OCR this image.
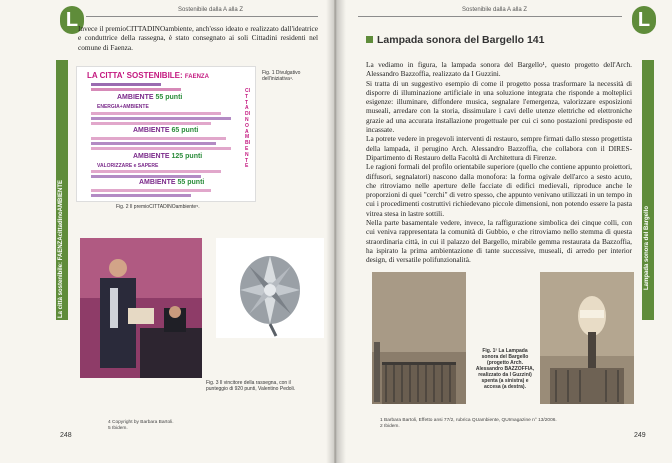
L	Sostenibile dalla A alla Z
La città sostenibile: FAENZAcittadinoAMBIENTE
Invece il premioCITTADINOambiente, anch'esso ideato e realizzato dall'ideatrice e conduttrice della rassegna, è stato consegnato ai soli Cittadini residenti nel comune di Faenza.
LA CITTA' SOSTENIBILE: FAENZA
AMBIENTE 55 punti
ENERGIA+AMBIENTE
AMBIENTE 65 punti
AMBIENTE 125 punti
VALORIZZARE e SAPERE
AMBIENTE 55 punti
CITTADINOAMBIENTE
Fig. 1 Divulgativo dell'iniziativa⁴.
Fig. 2 Il premioCITTADINOambiente⁵.
Fig. 3 Il vincitore della rassegna, con il punteggio di 920 punti, Valentino Pedoli.
4 Copyright by Barbara Bartoli.
5 Ibidem.
248
Sostenibile dalla A alla Z	L
Lampada sonora del Bargello
Lampada sonora del Bargello 141
La vediamo in figura, la lampada sonora del Bargello¹, questo progetto dell'Arch. Alessandro Bazzoffia, realizzato da I Guzzini.
Si tratta di un suggestivo esempio di come il progetto possa trasformare la necessità di disporre di illuminazione artificiale in una soluzione integrata che risponde a molteplici esigenze: illuminare, diffondere musica, segnalare l'emergenza, valorizzare esposizioni museali, arredare con la storia, dissimulare i cavi delle utenze elettriche ed elettroniche grazie ad una accurata installazione progettuale per cui ci sono postazioni predisposte ed incassate.
La potrete vedere in pregevoli interventi di restauro, sempre firmati dallo stesso progettista della lampada, il perugino Arch. Alessandro Bazzoffia, che collabora con il DIRES-Dipartimento di Restauro della Facoltà di Architettura di Firenze.
Le ragioni formali del profilo orientabile superiore (quello che contiene appunto proiettori, diffusori, segnalatori) nascono dalla monofora: la forma ogivale dell'arco a sesto acuto, che ritroviamo nelle aperture delle facciate di edifici medievali, riproduce anche le proporzioni di quei "cerchi" di vetro spesso, che appunto venivano utilizzati in un tempo in cui i procedimenti costruttivi richiedevano piccole dimensioni, non potendo essere la pasta vitrea stesa in lastre sottili.
Nella parte basamentale vedere, invece, la raffigurazione simbolica dei cinque colli, con cui veniva rappresentata la comunità di Gubbio, e che ritroviamo nello stemma di questa straordinaria città, in cui il palazzo del Bargello, mirabile gemma restaurata da Bazzoffia, ha ispirato la prima ambientazione di tante successive, museali, di arredo per interior design, di versatile polifunzionalità.
Fig. 1² La Lampada sonora del Bargello (progetto Arch. Alessandro BAZZOFFIA, realizzato da I Guzzini) spenta (a sinistra) e accesa (a destra).
1 Barbara Bartoli, Effetto ansi 77/2, rubrica QUambiente, QUImagazine n° 13/2006.
2 Ibidem.
249
